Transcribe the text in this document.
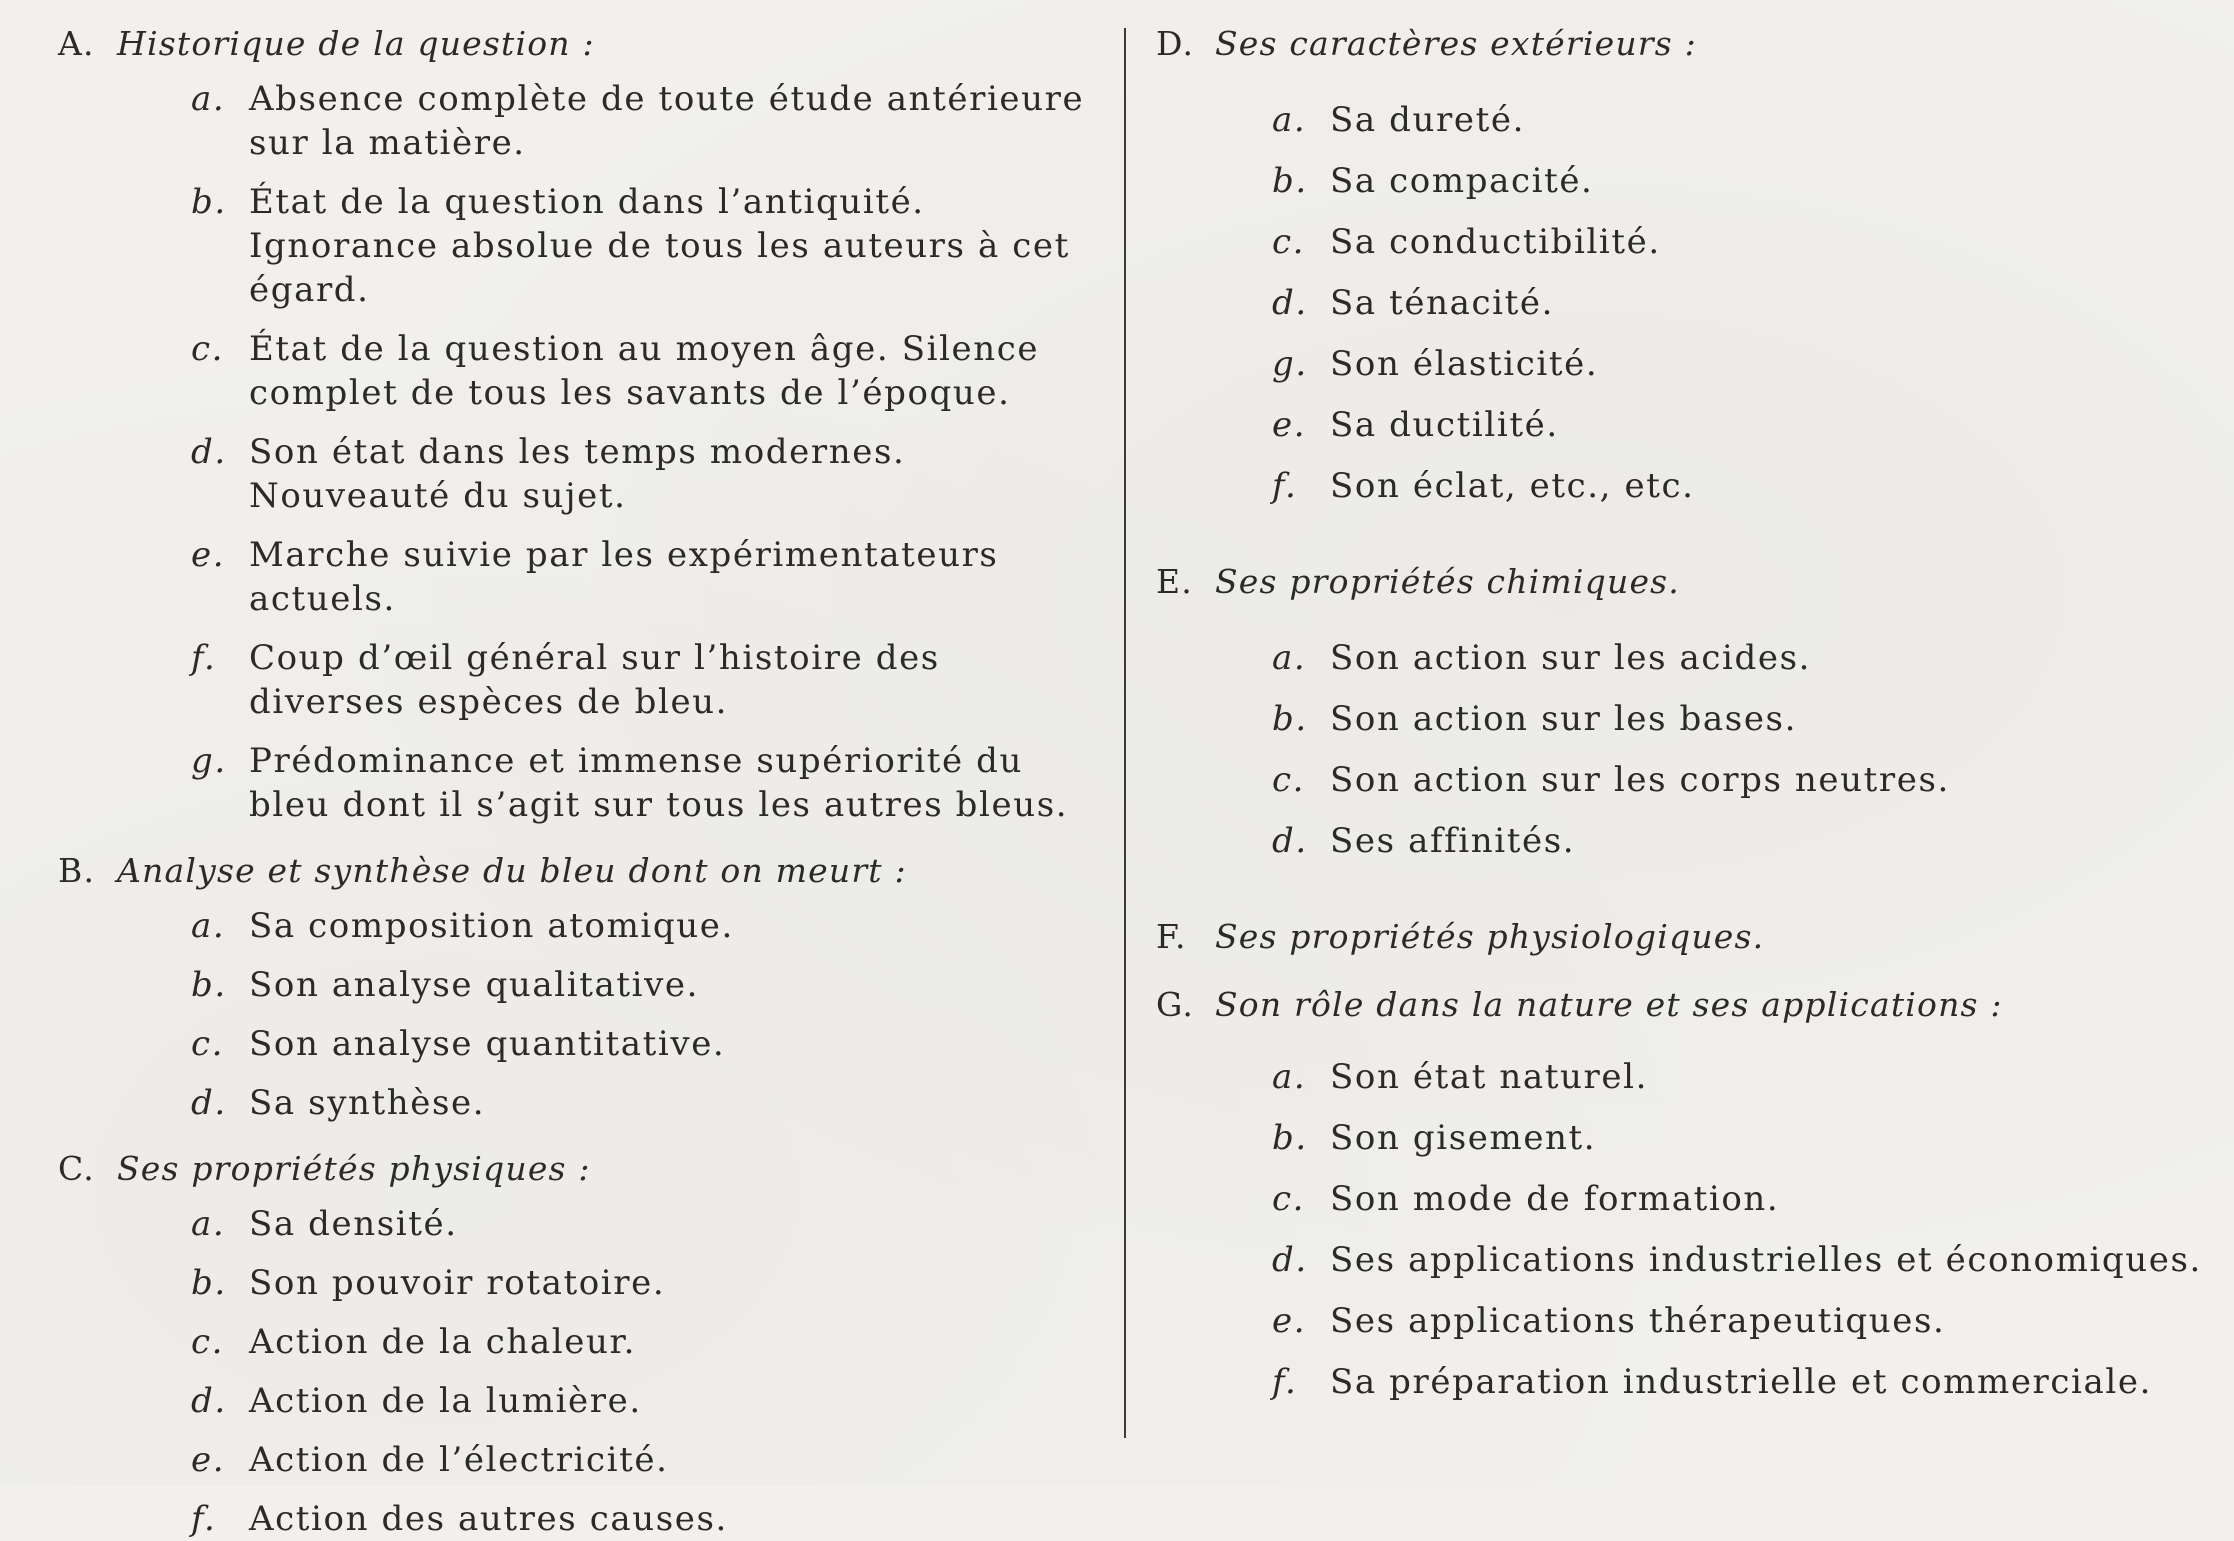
A. Historique de la question :
a. Absence complète de toute étude antérieure sur la matière.
b. État de la question dans l’antiquité. Ignorance absolue de tous les auteurs à cet égard.
c. État de la question au moyen âge. Silence complet de tous les savants de l’époque.
d. Son état dans les temps modernes. Nouveauté du sujet.
e. Marche suivie par les expérimentateurs actuels.
f. Coup d’œil général sur l’histoire des diverses espèces de bleu.
g. Prédominance et immense supériorité du bleu dont il s’agit sur tous les autres bleus.
B. Analyse et synthèse du bleu dont on meurt :
a. Sa composition atomique.
b. Son analyse qualitative.
c. Son analyse quantitative.
d. Sa synthèse.
C. Ses propriétés physiques :
a. Sa densité.
b. Son pouvoir rotatoire.
c. Action de la chaleur.
d. Action de la lumière.
e. Action de l’électricité.
f. Action des autres causes.
D. Ses caractères extérieurs :
a. Sa dureté.
b. Sa compacité.
c. Sa conductibilité.
d. Sa ténacité.
g. Son élasticité.
e. Sa ductilité.
f. Son éclat, etc., etc.
E. Ses propriétés chimiques.
a. Son action sur les acides.
b. Son action sur les bases.
c. Son action sur les corps neutres.
d. Ses affinités.
F. Ses propriétés physiologiques.
G. Son rôle dans la nature et ses applications :
a. Son état naturel.
b. Son gisement.
c. Son mode de formation.
d. Ses applications industrielles et économiques.
e. Ses applications thérapeutiques.
f. Sa préparation industrielle et commerciale.
